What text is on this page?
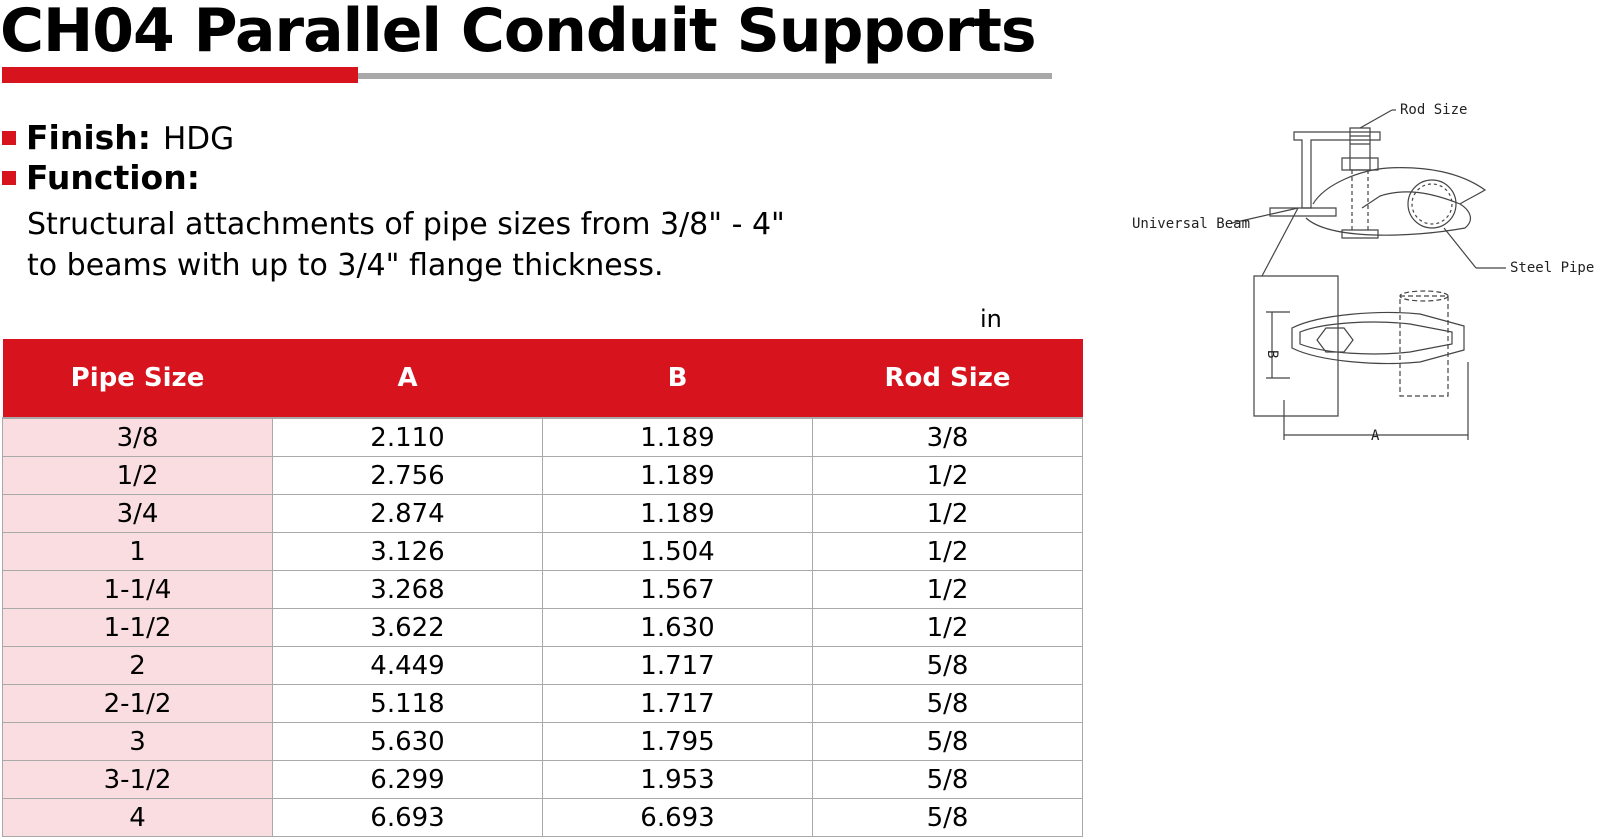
CH04 Parallel Conduit Supports
Finish: HDG
Function:
Structural attachments of pipe sizes from 3/8" - 4"
to beams with up to 3/4" flange thickness.
in
Pipe Size	A	B	Rod Size
3/8	2.110	1.189	3/8
1/2	2.756	1.189	1/2
3/4	2.874	1.189	1/2
1	3.126	1.504	1/2
1-1/4	3.268	1.567	1/2
1-1/2	3.622	1.630	1/2
2	4.449	1.717	5/8
2-1/2	5.118	1.717	5/8
3	5.630	1.795	5/8
3-1/2	6.299	1.953	5/8
4	6.693	6.693	5/8
Rod Size
Universal Beam
Steel Pipe
A
B
